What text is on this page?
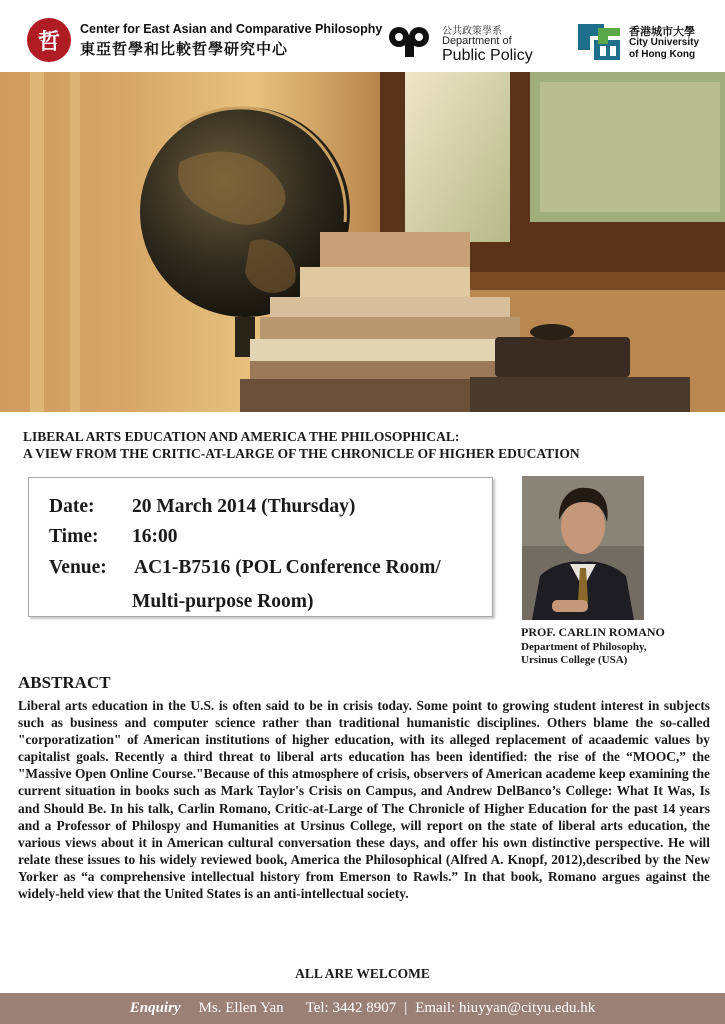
哲	Center for East Asian and Comparative Philosophy
東亞哲學和比較哲學研究中心
公共政策學系
Department of
Public Policy
香港城市大學
City University
of Hong Kong
LIBERAL ARTS EDUCATION AND AMERICA THE PHILOSOPHICAL:
A VIEW FROM THE CRITIC-AT-LARGE OF THE CHRONICLE OF HIGHER EDUCATION
Date: 20 March 2014 (Thursday)
Time: 16:00
Venue: AC1-B7516 (POL Conference Room/
Multi-purpose Room)
PROF. CARLIN ROMANO
Department of Philosophy,
Ursinus College (USA)
ABSTRACT
Liberal arts education in the U.S. is often said to be in crisis today. Some point to growing student interest in subjects such as business and computer science rather than traditional humanistic disciplines. Others blame the so-called "corporatization" of American institutions of higher education, with its alleged replacement of acaademic values by capitalist goals. Recently a third threat to liberal arts education has been identified: the rise of the “MOOC,” the "Massive Open Online Course."Because of this atmosphere of crisis, observers of American academe keep examining the current situation in books such as Mark Taylor's Crisis on Campus, and Andrew DelBanco’s College: What It Was, Is and Should Be. In his talk, Carlin Romano, Critic-at-Large of The Chronicle of Higher Education for the past 14 years and a Professor of Philospy and Humanities at Ursinus College, will report on the state of liberal arts education, the various views about it in American cultural conversation these days, and offer his own distinctive perspective. He will relate these issues to his widely reviewed book, America the Philosophical (Alfred A. Knopf, 2012),described by the New Yorker as “a comprehensive intellectual history from Emerson to Rawls.” In that book, Romano argues against the widely-held view that the United States is an anti-intellectual society.
ALL ARE WELCOME
Enquiry Ms. Ellen Yan Tel: 3442 8907 | Email: hiuyyan@cityu.edu.hk
